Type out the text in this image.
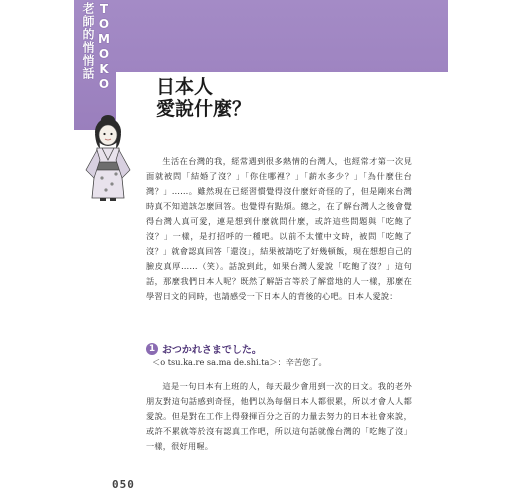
TOMOKO
老師的悄悄話
日本人
愛說什麼？

生活在台灣的我，經常遇到很多熱情的台灣人，也經常才第一次見面就被問「結婚了沒？」「你住哪裡？」「薪水多少？」「為什麼住台灣？」……。雖然現在已經習慣覺得沒什麼好奇怪的了，但是剛來台灣時真不知道該怎麼回答。也覺得有點煩。總之，在了解台灣人之後會覺得台灣人真可愛，連是想到什麼就問什麼，或許這些問題與「吃飽了沒？」一樣，是打招呼的一種吧。以前不太懂中文時，被問「吃飽了沒？」就會認真回答「還沒」，結果被請吃了好幾頓飯，現在想想自己的臉皮真厚……（笑）。話說到此，如果台灣人愛說「吃飽了沒？」這句話，那麼我們日本人呢？既然了解語言等於了解當地的人一樣，那麼在學習日文的同時，也請感受一下日本人的背後的心吧。日本人愛說：

1 おつかれさまでした。
＜o tsu.ka.re sa.ma de.shi.ta＞：辛苦您了。

這是一句日本有上班的人，每天最少會用到一次的日文。我的老外朋友對這句話感到奇怪，他們以為每個日本人都很累，所以才會人人都愛說。但是對在工作上得發揮百分之百的力量去努力的日本社會來說，或許不累就等於沒有認真工作吧，所以這句話就像台灣的「吃飽了沒」一樣，很好用喔。

050
